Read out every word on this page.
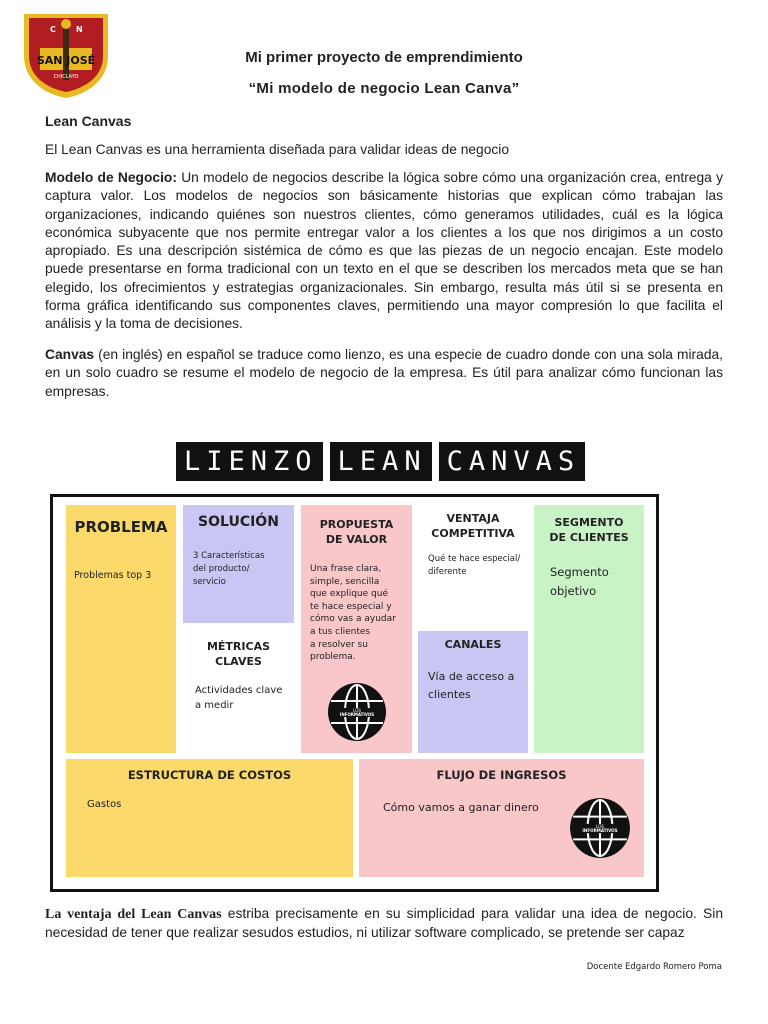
C	N
SAN JOSÉ
CHICLAYO
Mi primer proyecto de emprendimiento
“Mi modelo de negocio Lean Canva”
Lean Canvas
El Lean Canvas es una herramienta diseñada para validar ideas de negocio
Modelo de Negocio: Un modelo de negocios describe la lógica sobre cómo una organización crea, entrega y captura valor. Los modelos de negocios son básicamente historias que explican cómo trabajan las organizaciones, indicando quiénes son nuestros clientes, cómo generamos utilidades, cuál es la lógica económica subyacente que nos permite entregar valor a los clientes a los que nos dirigimos a un costo apropiado. Es una descripción sistémica de cómo es que las piezas de un negocio encajan. Este modelo puede presentarse en forma tradicional con un texto en el que se describen los mercados meta que se han elegido, los ofrecimientos y estrategias organizacionales. Sin embargo, resulta más útil si se presenta en forma gráfica identificando sus componentes claves, permitiendo una mayor compresión lo que facilita el análisis y la toma de decisiones.
Canvas (en inglés) en español se traduce como lienzo, es una especie de cuadro donde con una sola mirada, en un solo cuadro se resume el modelo de negocio de la empresa. Es útil para analizar cómo funcionan las empresas.
LIENZO LEAN CANVAS
PROBLEMA
Problemas top 3
SOLUCIÓN
3 Características
del producto/
servicio
MÉTRICAS
CLAVES
Actividades clave
a medir
PROPUESTA
DE VALOR
Una frase clara,
simple, sencilla
que explique qué
te hace especial y
cómo vas a ayudar
a tus clientes
a resolver su
problema.
LOS
INFORMATIVOS
VENTAJA
COMPETITIVA
Qué te hace especial/
diferente
CANALES
Vía de acceso a
clientes
SEGMENTO
DE CLIENTES
Segmento
objetivo
ESTRUCTURA DE COSTOS
Gastos
FLUJO DE INGRESOS
Cómo vamos a ganar dinero
LOS
INFORMATIVOS
La ventaja del Lean Canvas estriba precisamente en su simplicidad para validar una idea de negocio. Sin necesidad de tener que realizar sesudos estudios, ni utilizar software complicado, se pretende ser capaz
Docente Edgardo Romero Poma
